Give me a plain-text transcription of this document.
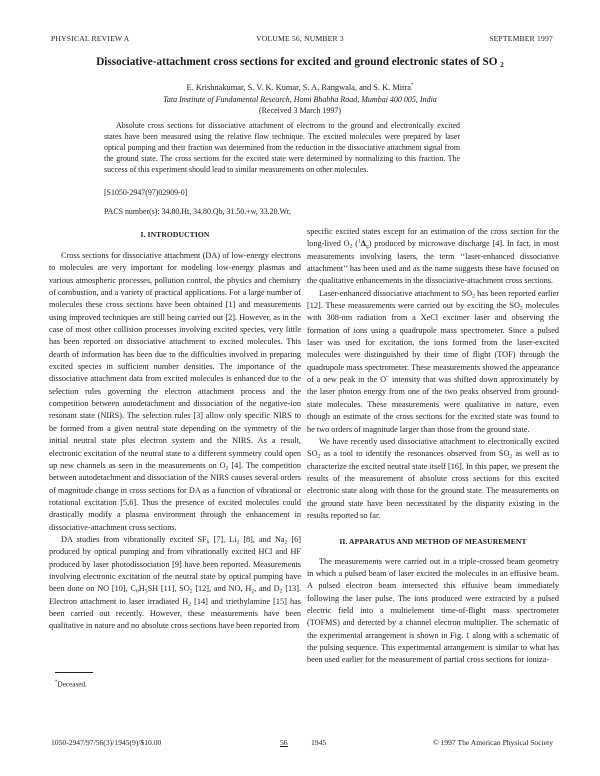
PHYSICAL REVIEW A	VOLUME 56, NUMBER 3	SEPTEMBER 1997
Dissociative-attachment cross sections for excited and ground electronic states of SO $_2$
E. Krishnakumar, S. V. K. Kumar, S. A. Rangwala, and S. K. Mitra*
Tata Institute of Fundamental Research, Homi Bhabha Road, Mumbai 400 005, India
(Received 3 March 1997)

Absolute cross sections for dissociative attachment of electrons to the ground and electronically excited states have been measured using the relative flow technique. The excited molecules were prepared by laser optical pumping and their fraction was determined from the reduction in the dissociative attachment signal from the ground state. The cross sections for the excited state were determined by normalizing to this fraction. The success of this experiment should lead to similar measurements on other molecules.

[S1050-2947(97)02909-0]
PACS number(s): 34.80.Ht, 34.80.Qb, 31.50.+w, 33.20.Wr,
I. INTRODUCTION

Cross sections for dissociative attachment (DA) of low-energy electrons to molecules are very important for modeling low-energy plasmas and various atmospheric processes, pollution control, the physics and chemistry of combustion, and a variety of practical applications. For a large number of molecules these cross sections have been obtained [1] and measurements using improved techniques are still being carried out [2]. However, as in the case of most other collision processes involving excited species, very little has been reported on dissociative attachment to excited molecules. This dearth of information has been due to the difficulties involved in preparing excited species in sufficient number densities. The importance of the dissociative attachment data from excited molecules is enhanced due to the selection rules governing the electron attachment process and the competition between autodetachment and dissociation of the negative-ion resonant state (NIRS). The selection rules [3] allow only specific NIRS to be formed from a given neutral state depending on the symmetry of the initial neutral state plus electron system and the NIRS. As a result, electronic excitation of the neutral state to a different symmetry could open up new channels as seen in the measurements on $O_2$ [4]. The competition between autodetachment and dissociation of the NIRS causes several orders of magnitude change in cross sections for DA as a function of vibrational or rotational excitation [5,6]. Thus the presence of excited molecules could drastically modify a plasma environment through the enhancement in dissociative-attachment cross sections.

DA studies from vibrationally excited $SF_6$ [7], $Li_2$ [8], and $Na_2$ [6] produced by optical pumping and from vibrationally excited HCl and HF produced by laser photodissociation [9] have been reported. Measurements involving electronic excitation of the neutral state by optical pumping have been done on NO [10], $C_6H_5SH$ [11], $SO_2$ [12], and NO, $H_2$, and $D_2$ [13]. Electron attachment to laser irradiated $H_2$ [14] and triethylamine [15] has been carried out recently. However, these measurements have been qualitative in nature and no absolute cross sections have been reported from

specific excited states except for an estimation of the cross section for the long-lived $O_2$ $(^1\Delta_g)$ produced by microwave discharge [4]. In fact, in most measurements involving lasers, the term ‘‘laser-enhanced dissociative attachment’’ has been used and as the name suggests these have focused on the qualitative enhancements in the dissociative-attachment cross sections.

Laser-enhanced dissociative attachment to $SO_2$ has been reported earlier [12]. These measurements were carried out by exciting the $SO_2$ molecules with 308-nm radiation from a XeCl excimer laser and observing the formation of ions using a quadrupole mass spectrometer. Since a pulsed laser was used for excitation, the ions formed from the laser-excited molecules were distinguished by their time of flight (TOF) through the quadrupole mass spectrometer. These measurements showed the appearance of a new peak in the O− intensity that was shifted down approximately by the laser photon energy from one of the two peaks observed from ground-state molecules. These measurements were qualitative in nature, even though an estimate of the cross sections for the excited state was found to be two orders of magnitude larger than those from the ground state.

We have recently used dissociative attachment to electronically excited $SO_2$ as a tool to identify the resonances observed from $SO_2$ as well as to characterize the excited neutral state itself [16]. In this paper, we present the results of the measurement of absolute cross sections for this excited electronic state along with those for the ground state. The measurements on the ground state have been necessitated by the disparity existing in the results reported so far.

II. APPARATUS AND METHOD OF MEASUREMENT

The measurements were carried out in a triple-crossed beam geometry in which a pulsed beam of laser excited the molecules in an effusive beam. A pulsed electron beam intersected this effusive beam immediately following the laser pulse. The ions produced were extracted by a pulsed electric field into a multielement time-of-flight mass spectrometer (TOFMS) and detected by a channel electron multiplier. The schematic of the experimental arrangement is shown in Fig. 1 along with a schematic of the pulsing sequence. This experimental arrangement is similar to what has been used earlier for the measurement of partial cross sections for ioniza-

*Deceased.
1050-2947/97/56(3)/1945(9)/$10.00	56	1945	© 1997 The American Physical Society
